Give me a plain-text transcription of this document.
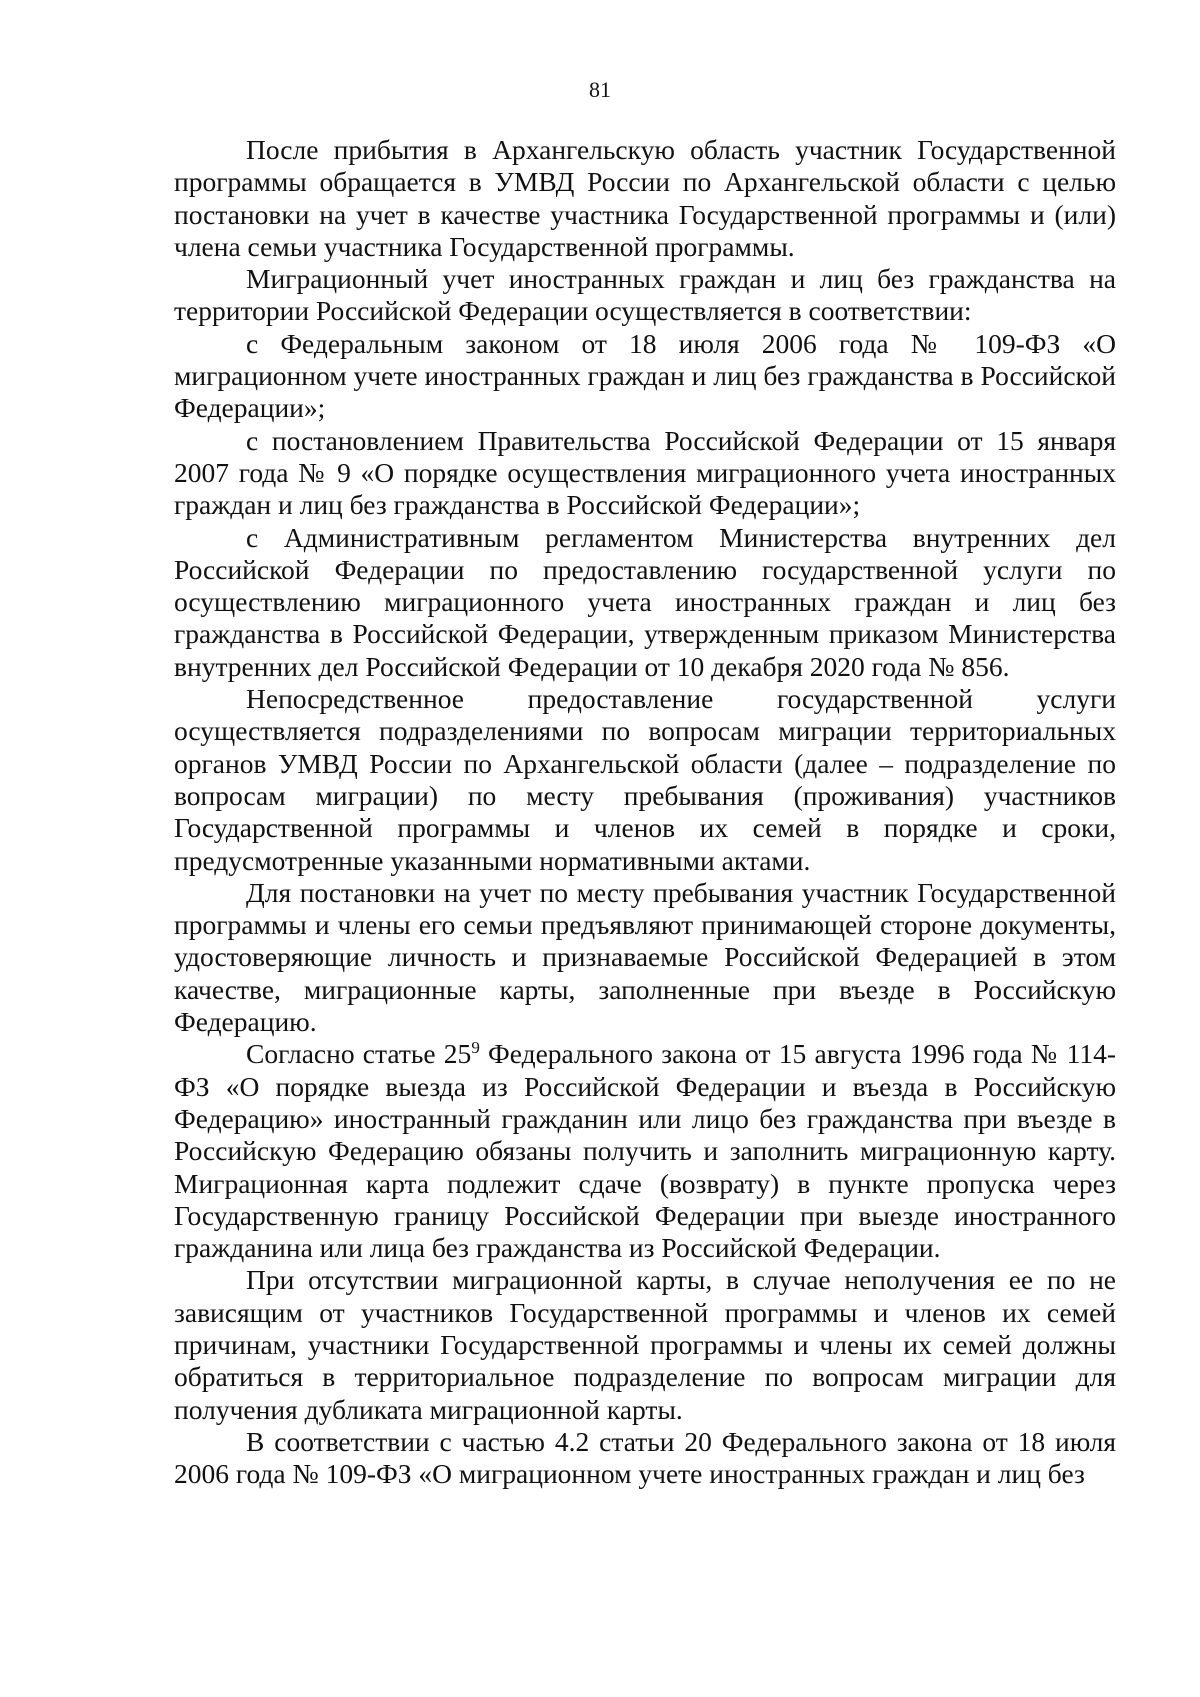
81

После прибытия в Архангельскую область участник Государственной программы обращается в УМВД России по Архангельской области с целью постановки на учет в качестве участника Государственной программы и (или) члена семьи участника Государственной программы.

Миграционный учет иностранных граждан и лиц без гражданства на территории Российской Федерации осуществляется в соответствии:

с Федеральным законом от 18 июля 2006 года № 109-ФЗ «О миграционном учете иностранных граждан и лиц без гражданства в Российской Федерации»;

с постановлением Правительства Российской Федерации от 15 января 2007 года № 9 «О порядке осуществления миграционного учета иностранных граждан и лиц без гражданства в Российской Федерации»;

с Административным регламентом Министерства внутренних дел Российской Федерации по предоставлению государственной услуги по осуществлению миграционного учета иностранных граждан и лиц без гражданства в Российской Федерации, утвержденным приказом Министерства внутренних дел Российской Федерации от 10 декабря 2020 года № 856.

Непосредственное предоставление государственной услуги осуществляется подразделениями по вопросам миграции территориальных органов УМВД России по Архангельской области (далее – подразделение по вопросам миграции) по месту пребывания (проживания) участников Государственной программы и членов их семей в порядке и сроки, предусмотренные указанными нормативными актами.

Для постановки на учет по месту пребывания участник Государственной программы и члены его семьи предъявляют принимающей стороне документы, удостоверяющие личность и признаваемые Российской Федерацией в этом качестве, миграционные карты, заполненные при въезде в Российскую Федерацию.

Согласно статье $25^9$ Федерального закона от 15 августа 1996 года № 114-ФЗ «О порядке выезда из Российской Федерации и въезда в Российскую Федерацию» иностранный гражданин или лицо без гражданства при въезде в Российскую Федерацию обязаны получить и заполнить миграционную карту. Миграционная карта подлежит сдаче (возврату) в пункте пропуска через Государственную границу Российской Федерации при выезде иностранного гражданина или лица без гражданства из Российской Федерации.

При отсутствии миграционной карты, в случае неполучения ее по не зависящим от участников Государственной программы и членов их семей причинам, участники Государственной программы и члены их семей должны обратиться в территориальное подразделение по вопросам миграции для получения дубликата миграционной карты.

В соответствии с частью 4.2 статьи 20 Федерального закона от 18 июля 2006 года № 109-ФЗ «О миграционном учете иностранных граждан и лиц без
